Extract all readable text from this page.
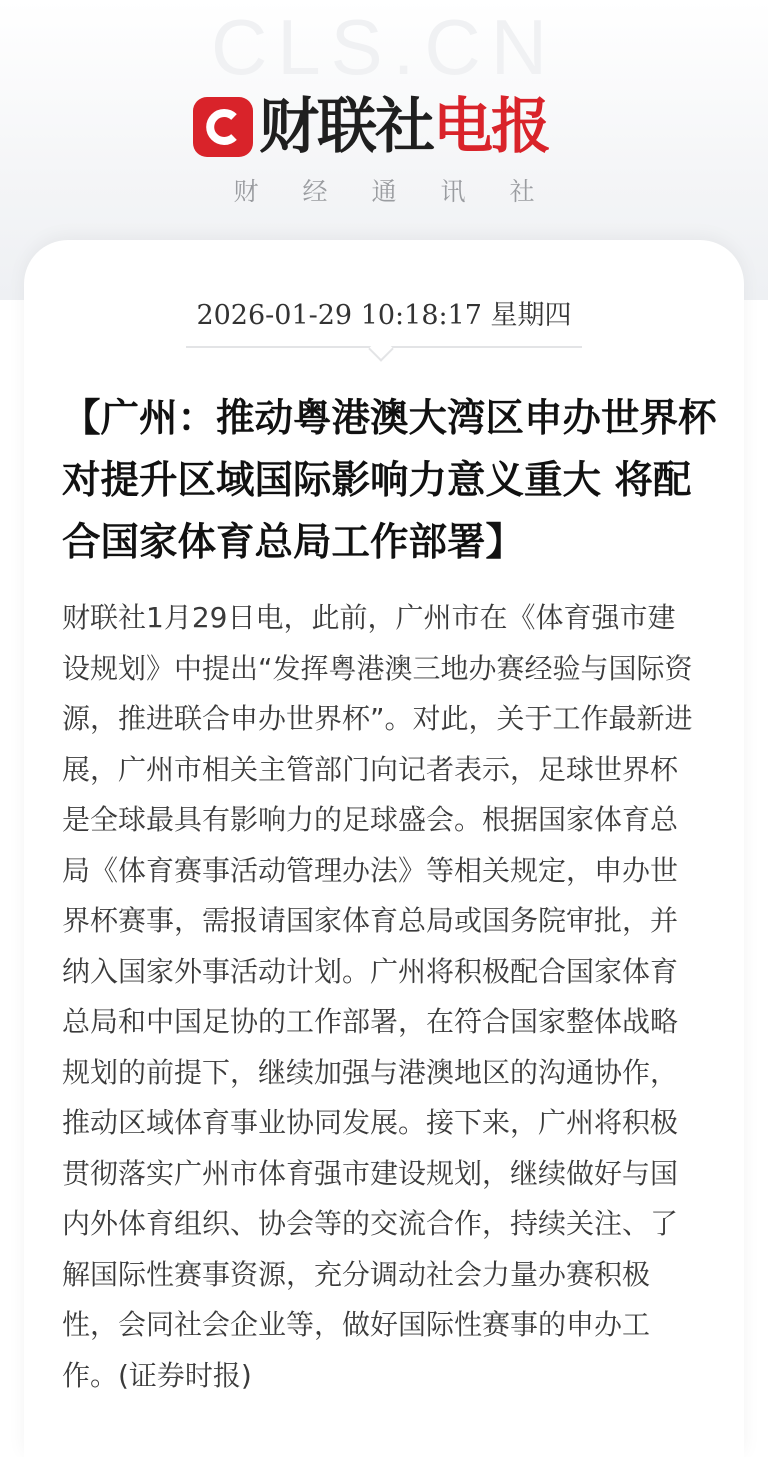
CLS.CN
财联社 电报
财经通讯社
2026-01-29 10:18:17 星期四
【广州：推动粤港澳大湾区申办世界杯对提升区域国际影响力意义重大 将配合国家体育总局工作部署】

财联社1月29日电，此前，广州市在《体育强市建设规划》中提出“发挥粤港澳三地办赛经验与国际资源，推进联合申办世界杯”。对此，关于工作最新进展，广州市相关主管部门向记者表示，足球世界杯是全球最具有影响力的足球盛会。根据国家体育总局《体育赛事活动管理办法》等相关规定，申办世界杯赛事，需报请国家体育总局或国务院审批，并纳入国家外事活动计划。广州将积极配合国家体育总局和中国足协的工作部署，在符合国家整体战略规划的前提下，继续加强与港澳地区的沟通协作，推动区域体育事业协同发展。接下来，广州将积极贯彻落实广州市体育强市建设规划，继续做好与国内外体育组织、协会等的交流合作，持续关注、了解国际性赛事资源，充分调动社会力量办赛积极性，会同社会企业等，做好国际性赛事的申办工作。(证券时报)
